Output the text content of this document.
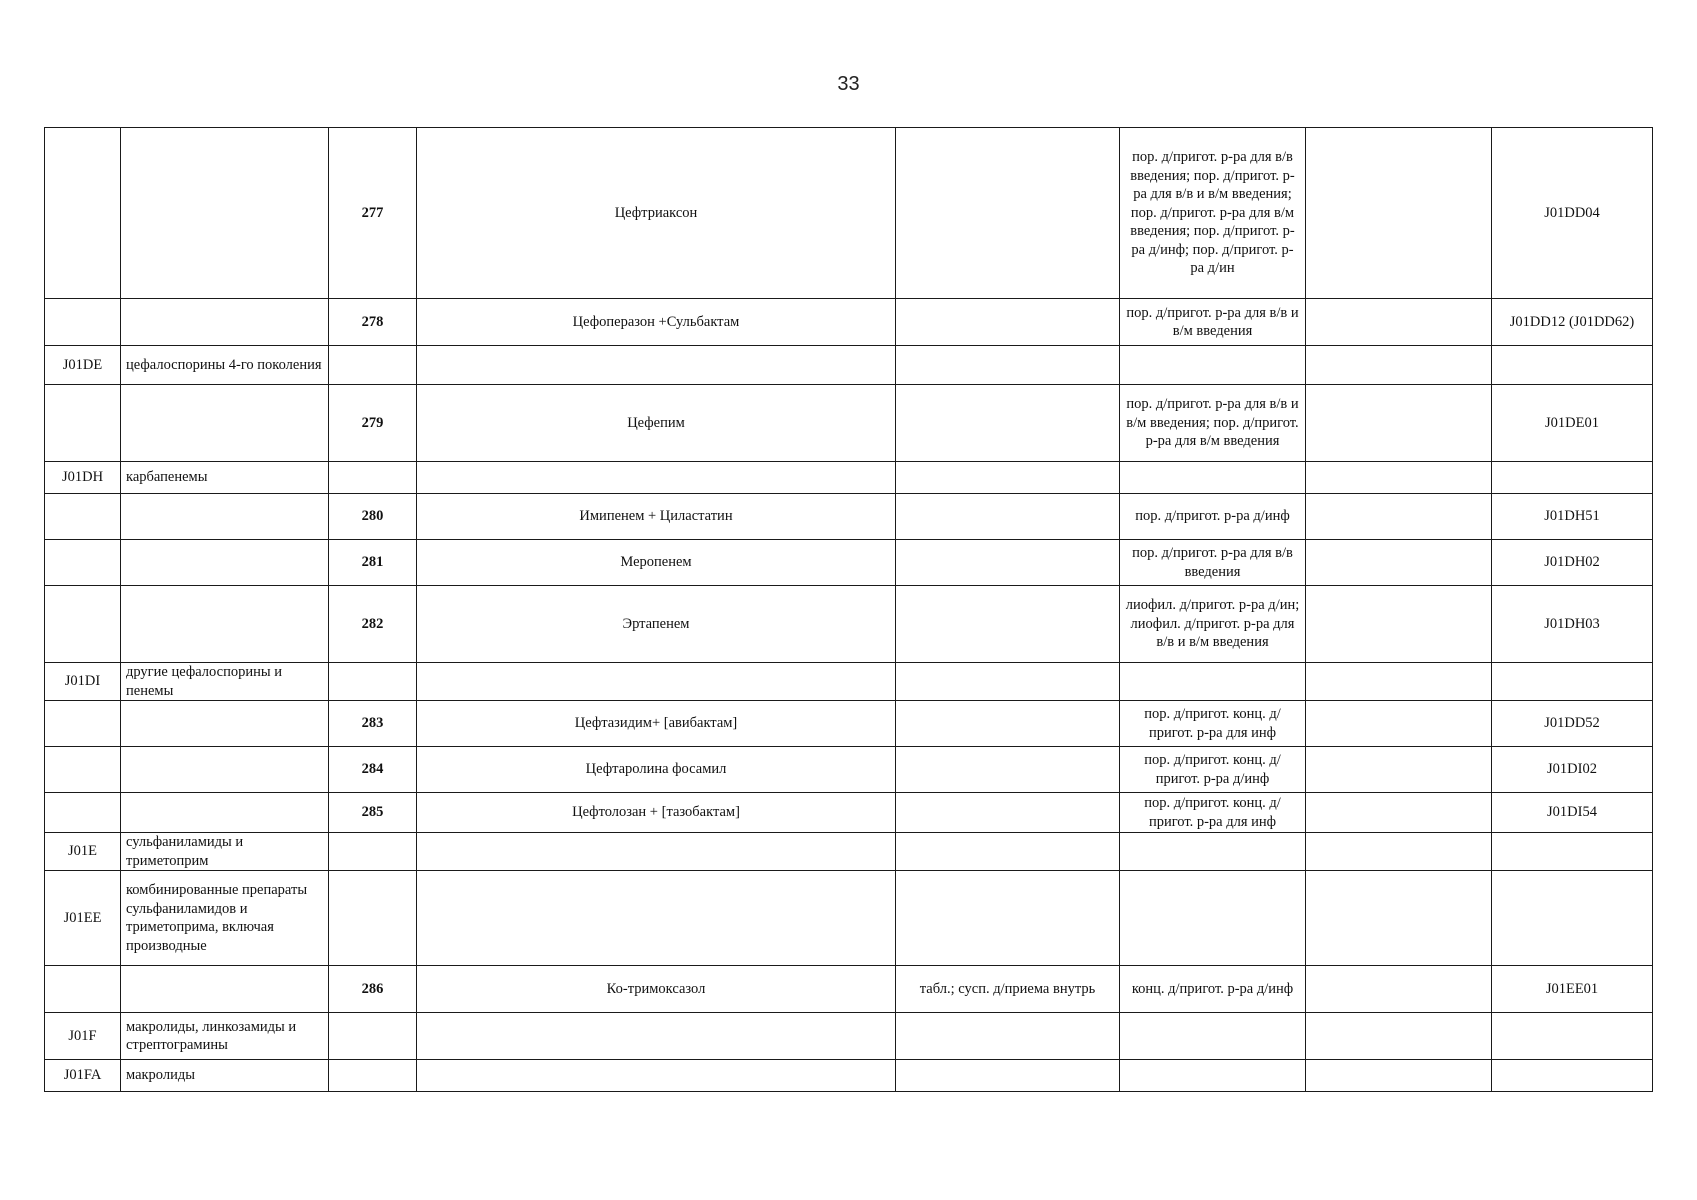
33
		277	Цефтриаксон		пор. д/пригот. р-ра для в/в введения; пор. д/пригот. р-ра для в/в и в/м введения; пор. д/пригот. р-ра для в/м введения; пор. д/пригот. р-ра д/инф; пор. д/пригот. р-ра д/ин		J01DD04
		278	Цефоперазон +Сульбактам		пор. д/пригот. р-ра для в/в и в/м введения		J01DD12 (J01DD62)
J01DE	цефалоспорины 4-го поколения						
		279	Цефепим		пор. д/пригот. р-ра для в/в и в/м введения; пор. д/пригот. р-ра для в/м введения		J01DE01
J01DH	карбапенемы						
		280	Имипенем + Циластатин		пор. д/пригот. р-ра д/инф		J01DH51
		281	Меропенем		пор. д/пригот. р-ра для в/в введения		J01DH02
		282	Эртапенем		лиофил. д/пригот. р-ра д/ин; лиофил. д/пригот. р-ра для в/в и в/м введения		J01DH03
J01DI	другие цефалоспорины и пенемы						
		283	Цефтазидим+ [авибактам]		пор. д/пригот. конц. д/пригот. р-ра для инф		J01DD52
		284	Цефтаролина фосамил		пор. д/пригот. конц. д/пригот. р-ра д/инф		J01DI02
		285	Цефтолозан + [тазобактам]		пор. д/пригот. конц. д/пригот. р-ра для инф		J01DI54
J01E	сульфаниламиды и триметоприм						
J01EE	комбинированные препараты сульфаниламидов и триметоприма, включая производные						
		286	Ко-тримоксазол	табл.; сусп. д/приема внутрь	конц. д/пригот. р-ра д/инф		J01EE01
J01F	макролиды, линкозамиды и стрептограмины						
J01FA	макролиды						
